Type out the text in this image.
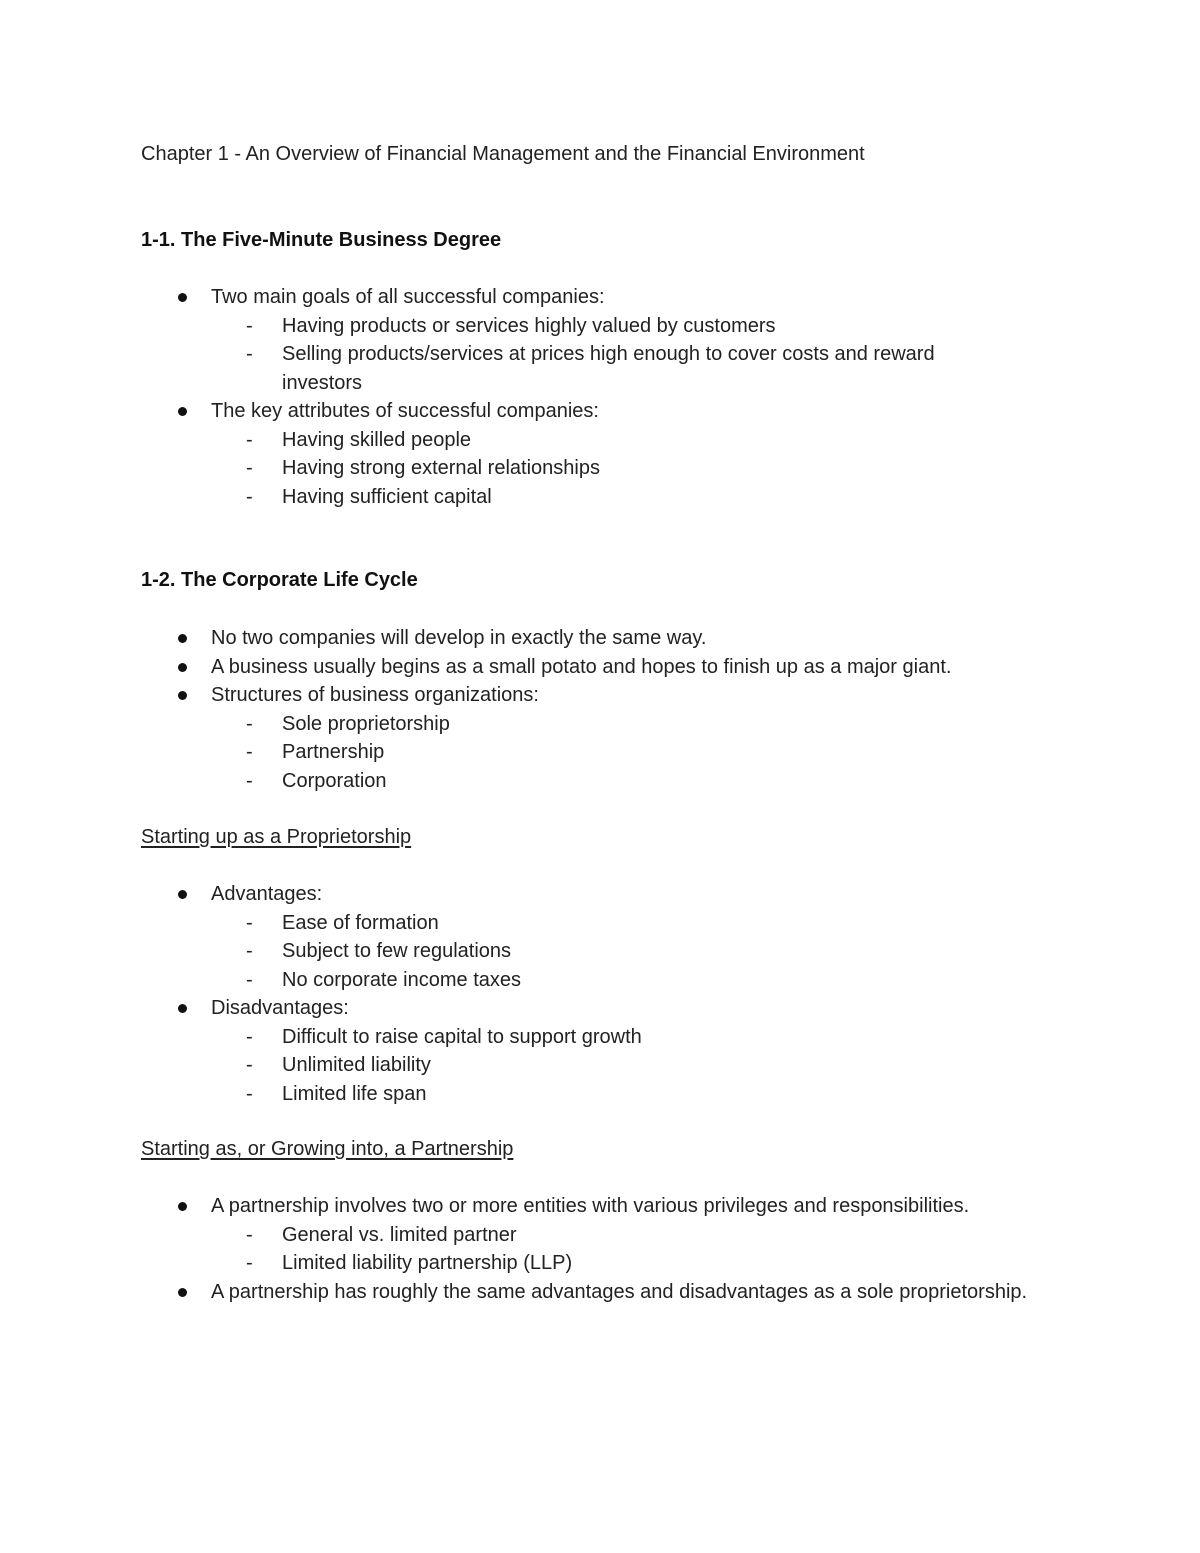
Chapter 1 - An Overview of Financial Management and the Financial Environment
1-1. The Five-Minute Business Degree
Two main goals of all successful companies:
- Having products or services highly valued by customers
- Selling products/services at prices high enough to cover costs and reward investors
The key attributes of successful companies:
- Having skilled people
- Having strong external relationships
- Having sufficient capital
1-2. The Corporate Life Cycle
No two companies will develop in exactly the same way.
A business usually begins as a small potato and hopes to finish up as a major giant.
Structures of business organizations:
- Sole proprietorship
- Partnership
- Corporation
Starting up as a Proprietorship
Advantages:
- Ease of formation
- Subject to few regulations
- No corporate income taxes
Disadvantages:
- Difficult to raise capital to support growth
- Unlimited liability
- Limited life span
Starting as, or Growing into, a Partnership
A partnership involves two or more entities with various privileges and responsibilities.
- General vs. limited partner
- Limited liability partnership (LLP)
A partnership has roughly the same advantages and disadvantages as a sole proprietorship.
